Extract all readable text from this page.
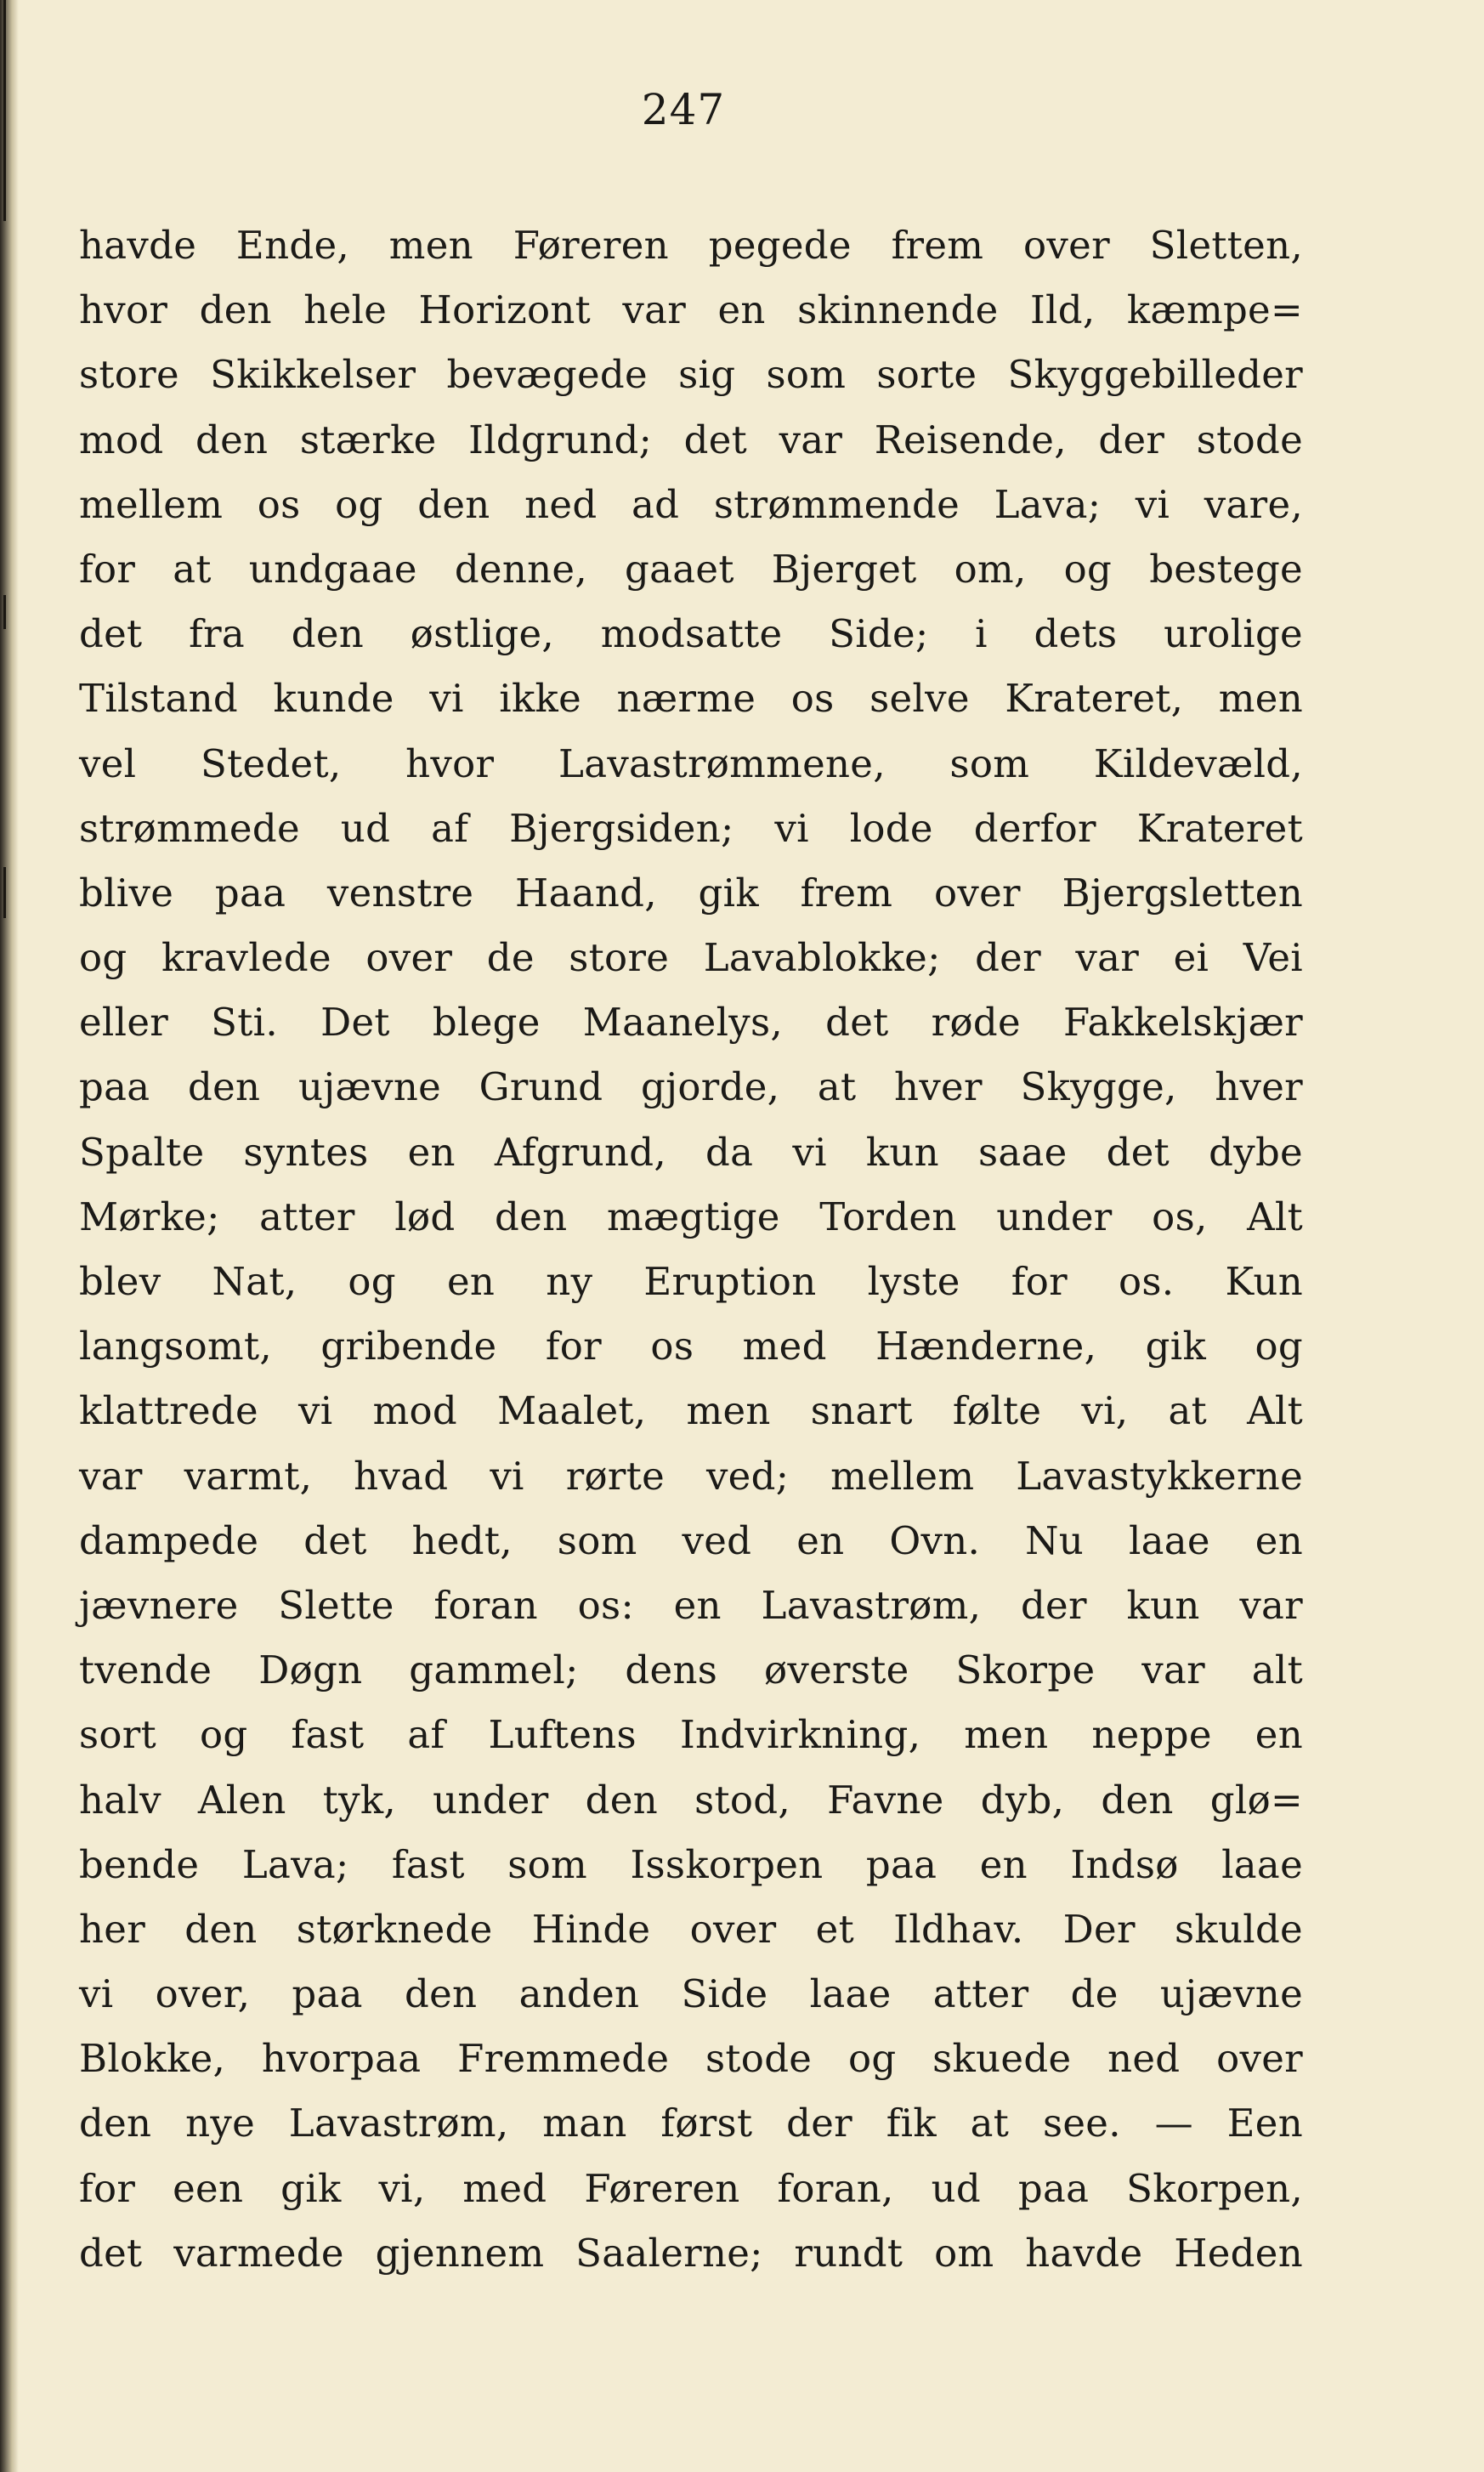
247
havde Ende, men Føreren pegede frem over Sletten,
hvor den hele Horizont var en skinnende Ild, kæmpe=
store Skikkelser bevægede sig som sorte Skyggebilleder
mod den stærke Ildgrund; det var Reisende, der stode
mellem os og den ned ad strømmende Lava; vi vare,
for at undgaae denne, gaaet Bjerget om, og bestege
det fra den østlige, modsatte Side; i dets urolige
Tilstand kunde vi ikke nærme os selve Krateret, men
vel Stedet, hvor Lavastrømmene, som Kildevæld,
strømmede ud af Bjergsiden; vi lode derfor Krateret
blive paa venstre Haand, gik frem over Bjergsletten
og kravlede over de store Lavablokke; der var ei Vei
eller Sti. Det blege Maanelys, det røde Fakkelskjær
paa den ujævne Grund gjorde, at hver Skygge, hver
Spalte syntes en Afgrund, da vi kun saae det dybe
Mørke; atter lød den mægtige Torden under os, Alt
blev Nat, og en ny Eruption lyste for os. Kun
langsomt, gribende for os med Hænderne, gik og
klattrede vi mod Maalet, men snart følte vi, at Alt
var varmt, hvad vi rørte ved; mellem Lavastykkerne
dampede det hedt, som ved en Ovn. Nu laae en
jævnere Slette foran os: en Lavastrøm, der kun var
tvende Døgn gammel; dens øverste Skorpe var alt
sort og fast af Luftens Indvirkning, men neppe en
halv Alen tyk, under den stod, Favne dyb, den glø=
bende Lava; fast som Isskorpen paa en Indsø laae
her den størknede Hinde over et Ildhav. Der skulde
vi over, paa den anden Side laae atter de ujævne
Blokke, hvorpaa Fremmede stode og skuede ned over
den nye Lavastrøm, man først der fik at see. — Een
for een gik vi, med Føreren foran, ud paa Skorpen,
det varmede gjennem Saalerne; rundt om havde Heden
